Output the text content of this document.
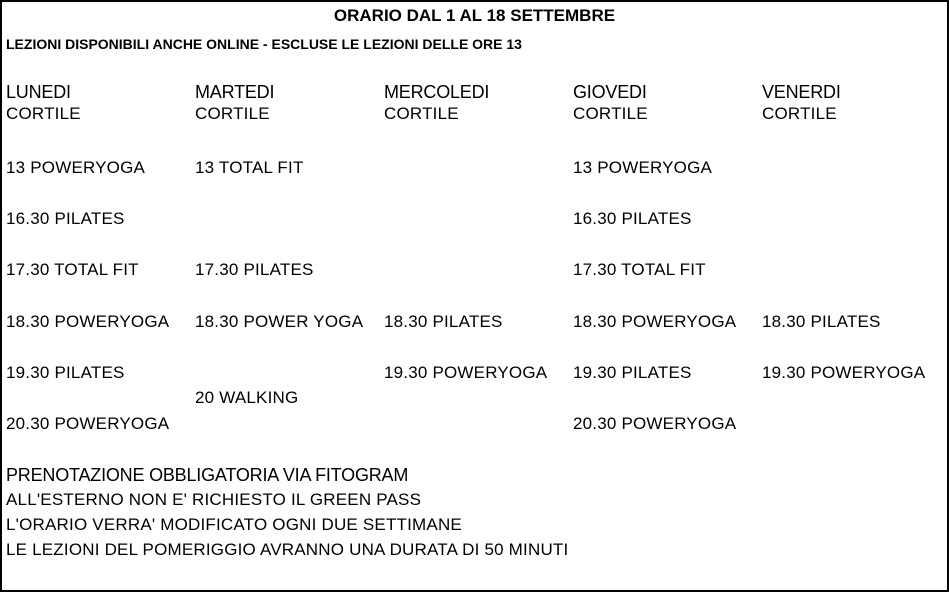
ORARIO DAL 1 AL 18 SETTEMBRE
LEZIONI DISPONIBILI ANCHE ONLINE - ESCLUSE LE LEZIONI DELLE ORE 13
LUNEDI
CORTILE
MARTEDI
CORTILE
MERCOLEDI
CORTILE
GIOVEDI
CORTILE
VENERDI
CORTILE
13 POWERYOGA
16.30 PILATES
17.30 TOTAL FIT
18.30 POWERYOGA
19.30 PILATES
20.30 POWERYOGA
13 TOTAL FIT
17.30 PILATES
18.30 POWER YOGA
20 WALKING
18.30 PILATES
19.30 POWERYOGA
13 POWERYOGA
16.30 PILATES
17.30 TOTAL FIT
18.30 POWERYOGA
19.30 PILATES
20.30 POWERYOGA
18.30 PILATES
19.30 POWERYOGA
PRENOTAZIONE OBBLIGATORIA VIA FITOGRAM
ALL'ESTERNO NON E' RICHIESTO IL GREEN PASS
L'ORARIO VERRA' MODIFICATO OGNI DUE SETTIMANE
LE LEZIONI DEL POMERIGGIO AVRANNO UNA DURATA DI 50 MINUTI
